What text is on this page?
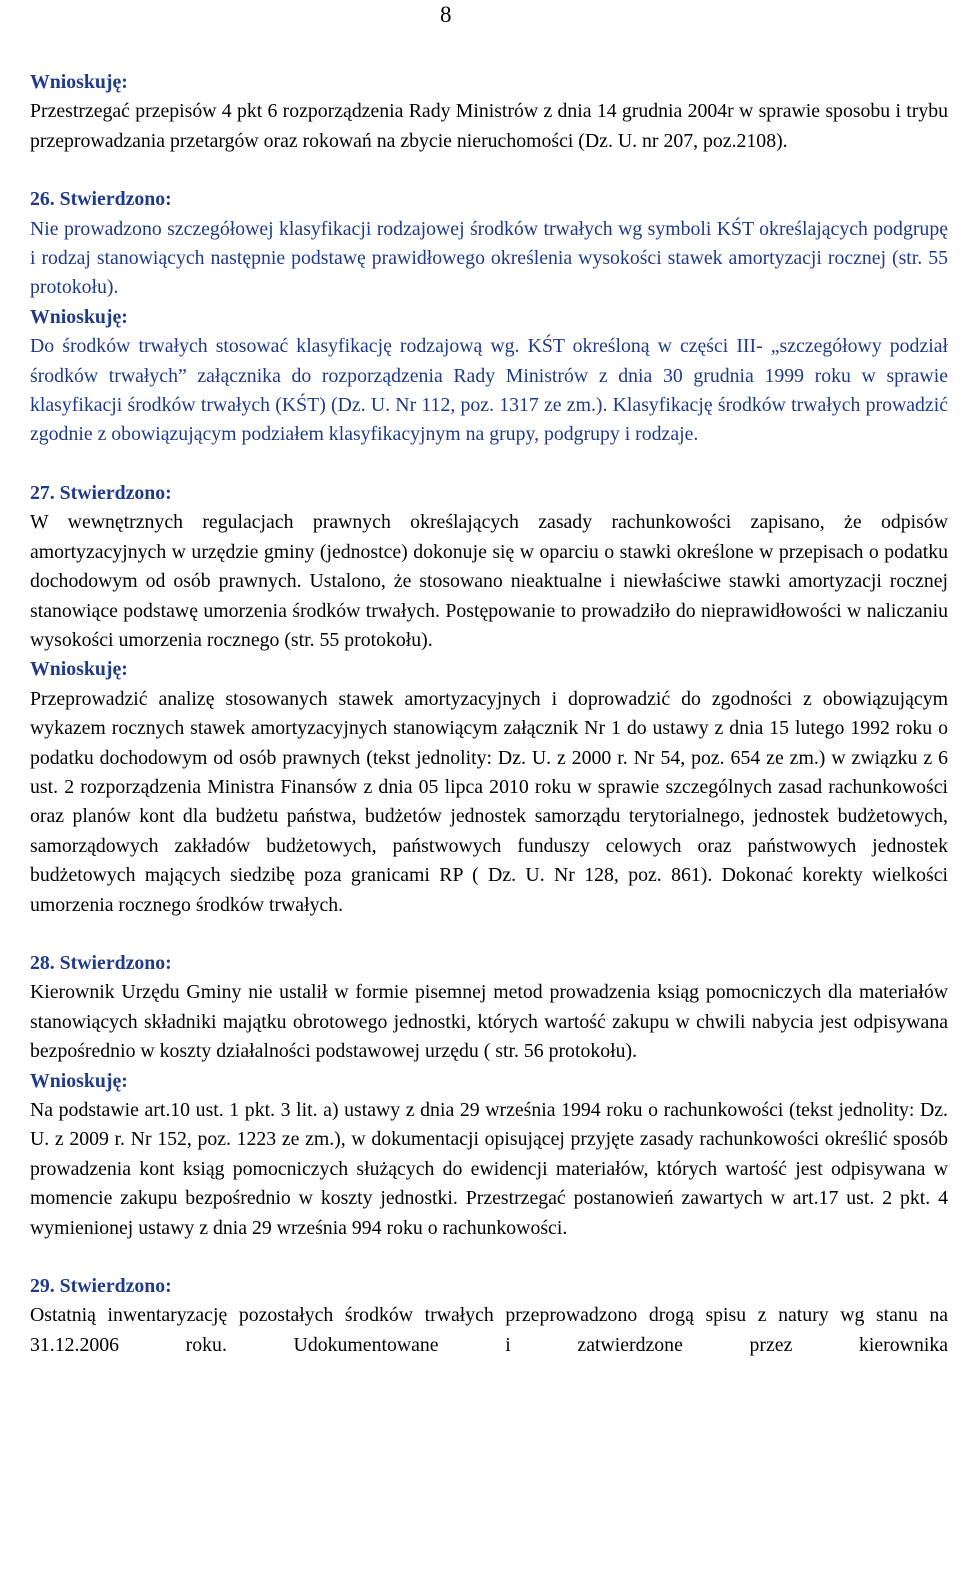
8

Wnioskuję:

Przestrzegać przepisów 4 pkt 6 rozporządzenia Rady Ministrów z dnia 14 grudnia 2004r w sprawie sposobu i trybu przeprowadzania przetargów oraz rokowań na zbycie nieruchomości (Dz. U. nr 207, poz.2108).

26. Stwierdzono:

Nie prowadzono szczegółowej klasyfikacji rodzajowej środków trwałych wg symboli KŚT określających podgrupę i rodzaj stanowiących następnie podstawę prawidłowego określenia wysokości stawek amortyzacji rocznej (str. 55 protokołu).

Wnioskuję:

Do środków trwałych stosować klasyfikację rodzajową wg. KŚT określoną w części III- „szczegółowy podział środków trwałych” załącznika do rozporządzenia Rady Ministrów z dnia 30 grudnia 1999 roku w sprawie klasyfikacji środków trwałych (KŚT) (Dz. U. Nr 112, poz. 1317 ze zm.). Klasyfikację środków trwałych prowadzić zgodnie z obowiązującym podziałem klasyfikacyjnym na grupy, podgrupy i rodzaje.

27. Stwierdzono:

W wewnętrznych regulacjach prawnych określających zasady rachunkowości zapisano, że odpisów amortyzacyjnych w urzędzie gminy (jednostce) dokonuje się w oparciu o stawki określone w przepisach o podatku dochodowym od osób prawnych. Ustalono, że stosowano nieaktualne i niewłaściwe stawki amortyzacji rocznej stanowiące podstawę umorzenia środków trwałych. Postępowanie to prowadziło do nieprawidłowości w naliczaniu wysokości umorzenia rocznego (str. 55 protokołu).

Wnioskuję:

Przeprowadzić analizę stosowanych stawek amortyzacyjnych i doprowadzić do zgodności z obowiązującym wykazem rocznych stawek amortyzacyjnych stanowiącym załącznik Nr 1 do ustawy z dnia 15 lutego 1992 roku o podatku dochodowym od osób prawnych (tekst jednolity: Dz. U. z 2000 r. Nr 54, poz. 654 ze zm.) w związku z 6 ust. 2 rozporządzenia Ministra Finansów z dnia 05 lipca 2010 roku w sprawie szczególnych zasad rachunkowości oraz planów kont dla budżetu państwa, budżetów jednostek samorządu terytorialnego, jednostek budżetowych, samorządowych zakładów budżetowych, państwowych funduszy celowych oraz państwowych jednostek budżetowych mających siedzibę poza granicami RP ( Dz. U. Nr 128, poz. 861). Dokonać korekty wielkości umorzenia rocznego środków trwałych.

28. Stwierdzono:

Kierownik Urzędu Gminy nie ustalił w formie pisemnej metod prowadzenia ksiąg pomocniczych dla materiałów stanowiących składniki majątku obrotowego jednostki, których wartość zakupu w chwili nabycia jest odpisywana bezpośrednio w koszty działalności podstawowej urzędu ( str. 56 protokołu).

Wnioskuję:

Na podstawie art.10 ust. 1 pkt. 3 lit. a) ustawy z dnia 29 września 1994 roku o rachunkowości (tekst jednolity: Dz. U. z 2009 r. Nr 152, poz. 1223 ze zm.), w dokumentacji opisującej przyjęte zasady rachunkowości określić sposób prowadzenia kont ksiąg pomocniczych służących do ewidencji materiałów, których wartość jest odpisywana w momencie zakupu bezpośrednio w koszty jednostki. Przestrzegać postanowień zawartych w art.17 ust. 2 pkt. 4 wymienionej ustawy z dnia 29 września 994 roku o rachunkowości.

29. Stwierdzono:

Ostatnią inwentaryzację pozostałych środków trwałych przeprowadzono drogą spisu z natury wg stanu na 31.12.2006 roku. Udokumentowane i zatwierdzone przez kierownika
